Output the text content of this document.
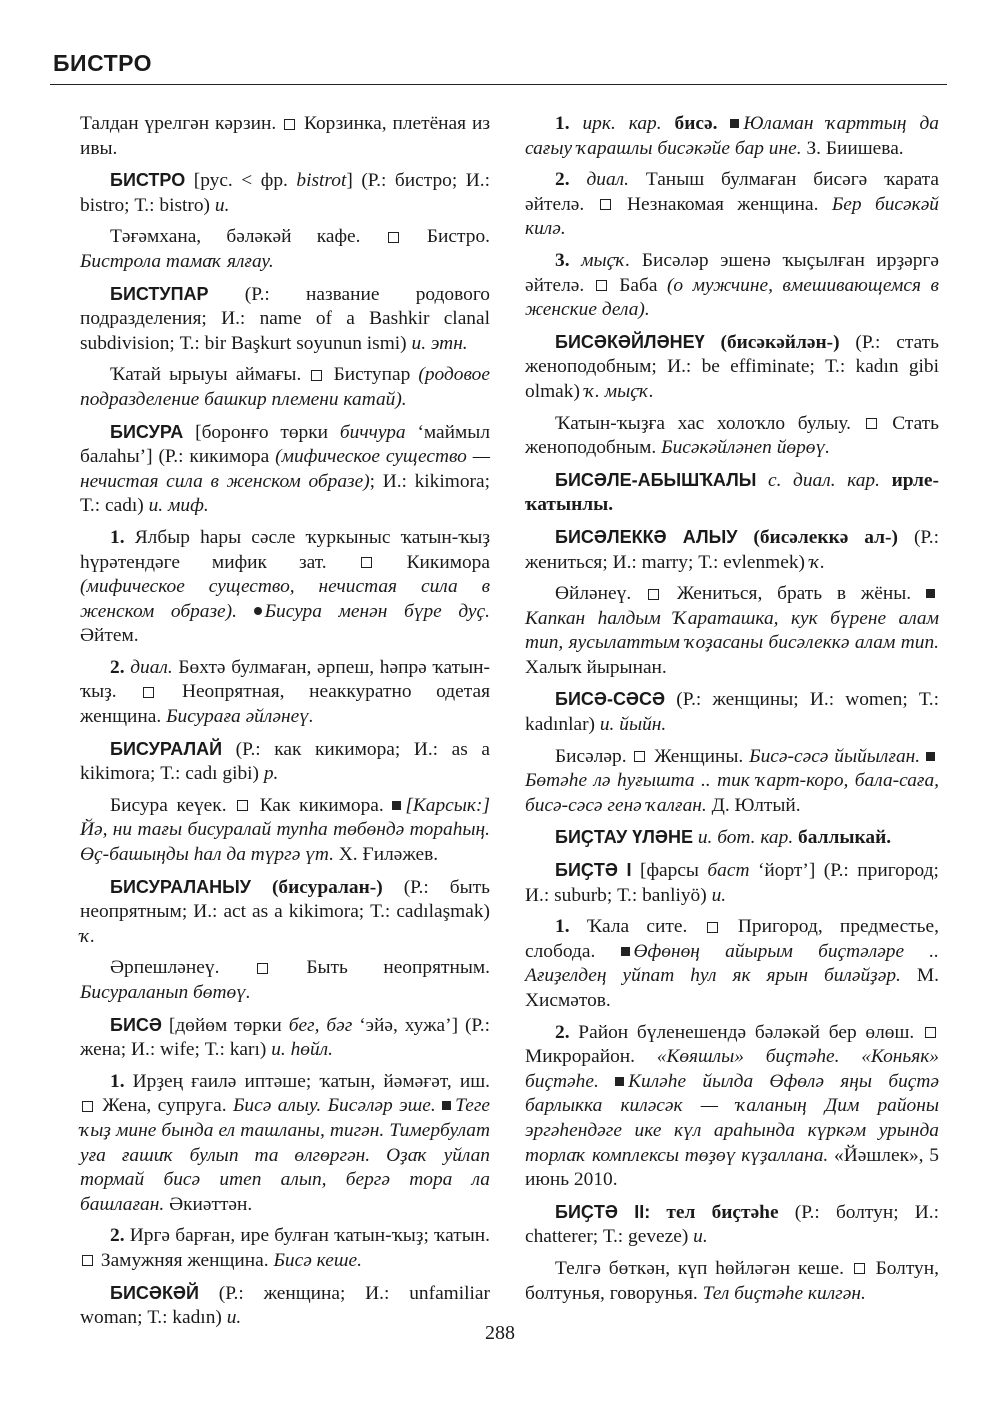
БИСТРО

Талдан үрелгән кәрзин. Корзинка, плетёная из ивы.

БИСТРО [рус. < фр. bistrot] (Р.: бистро; И.: bistro; Т.: bistro) и.

Тәғәмхана, бәләкәй кафе.	Бистро. Бистрола тамаҡ ялғау.

БИСТУПАР (Р.: название родового подразделения; И.: name of a Bashkir clanal subdivision; Т.: bir Başkurt soyunun ismi) и. этн.

Ҡатай ырыуы аймағы. Биступар (родовое подразделение башкир племени катай).

БИСУРА [боронғо төрки биччура ‘маймыл балаһы’] (Р.: кикимора (мифическое существо — нечистая сила в женском образе); И.: kikimora; Т.: cadı) и. миф.

1. Ялбыр һары сәсле ҡуркыныс ҡатын-ҡыҙ һүрәтендәге мифик зат.	Кикимора (мифическое существо, нечистая сила в женском образе). Бисура менән бүре дуҫ. Әйтем.

2. диал. Бөхтә булмаған, әрпеш, һәпрә ҡатын-ҡыҙ.	Неопрятная, неаккуратно одетая женщина. Бисураға әйләнеү.

БИСУРАЛАЙ (Р.: как кикимора; И.: as a kikimora; Т.: cadı gibi) р.

Бисура кеүек. Как кикимора. [Карсык:] Йә, ни тағы бисуралай тупһа төбөндә тораһың. Өҫ-башыңды һал да түргә үт. Х. Ғиләжев.

БИСУРАЛАНЫУ (бисуралан-) (Р.: быть неопрятным; И.: act as a kikimora; Т.: cadılaşmak) ҡ.

Әрпешләнеү.	Быть неопрятным. Бисураланып бөтөү.

БИСӘ [дөйөм төрки бег, бәг ‘эйә, хужа’] (Р.: жена; И.: wife; Т.: karı) и. һөйл.

1. Ирҙең ғаилә иптәше; ҡатын, йәмәғәт, иш.  Жена, супруга. Бисә алыу. Бисәләр эше. Теге ҡыҙ мине бында ел ташланы, тигән. Тимербулат уға ғашиҡ булып та өлгөргән. Оҙаҡ уйлап тормай бисә итеп алып, бергә тора ла башлаған. Әкиәттән.

2. Иргә барған, ире булған ҡатын-ҡыҙ; ҡатын.  Замужняя женщина. Бисә кеше.

БИСӘКӘЙ (Р.: женщина; И.: unfamiliar woman; Т.: kadın) и.

1. ирк. кар. бисә. Юламан ҡарттың да сағыу ҡарашлы бисәкәйе бар ине. З. Биишева.

2. диал. Таныш булмаған бисәгә ҡарата әйтелә. Незнакомая женщина. Бер бисәкәй килә.

3. мыҫҡ. Бисәләр эшенә ҡыҫылған ирҙәргә әйтелә. Баба (о мужчине, вмешивающемся в женские дела).

БИСӘКӘЙЛӘНЕҮ (бисәкәйлән-) (Р.: стать женоподобным; И.: be effiminate; Т.: kadın gibi olmak) ҡ. мыҫҡ.

Ҡатын-ҡыҙға хас холоҡло булыу. Стать женоподобным. Бисәкәйләнеп йөрөү.

БИСӘЛЕ-АБЫШҠАЛЫ с. диал. кар. ирле-ҡатынлы.

БИСӘЛЕККӘ АЛЫУ (бисәлеккә ал-) (Р.: жениться; И.: marry; Т.: evlenmek) ҡ.

Өйләнеү. Жениться, брать в жёны. Капкан һалдым Ҡараташка, кук бүрене алам тип, яусылаттым ҡоҙасаны бисәлеккә алам тип. Халыҡ йырынан.

БИСӘ-СӘСӘ (Р.: женщины; И.: women; Т.: kadınlar) и. йыйн.

Бисәләр. Женщины. Бисә-сәсә йыйылған. Бөтәһе лә һуғышта .. тик ҡарт-коро, бала-саға, бисә-сәсә генә ҡалған. Д. Юлтый.

БИҪТАУ ҮЛӘНЕ и. бот. кар. баллыкай.

БИҪТӘ I [фарсы баст ‘йорт’] (Р.: пригород; И.: suburb; Т.: banliyö) и.

1. Ҡала сите.	Пригород, предместье, слобода. Өфөнөң айырым биҫтәләре .. Ағиҙелдең уйпат һул як ярын биләйҙәр. М. Хисмәтов.

2. Район бүленешендә бәләкәй бер өлөш.  Микрорайон. «Көяшлы» биҫтәһе. «Коньяк» биҫтәһе. Киләһе йылда Өфөлә яңы биҫтә барлыкка киләсәк — ҡаланың Дим районы эргәһендәге ике күл араһында күркәм урында торлаҡ комплексы төҙөү күҙаллана. «Йәшлек», 5 июнь 2010.

БИҪТӘ II: тел биҫтәһе (Р.: болтун; И.: chatterer; Т.: geveze) и.

Телгә бөткән, күп һөйләгән кеше. Болтун, болтунья, говорунья. Тел биҫтәһе килгән.

288
